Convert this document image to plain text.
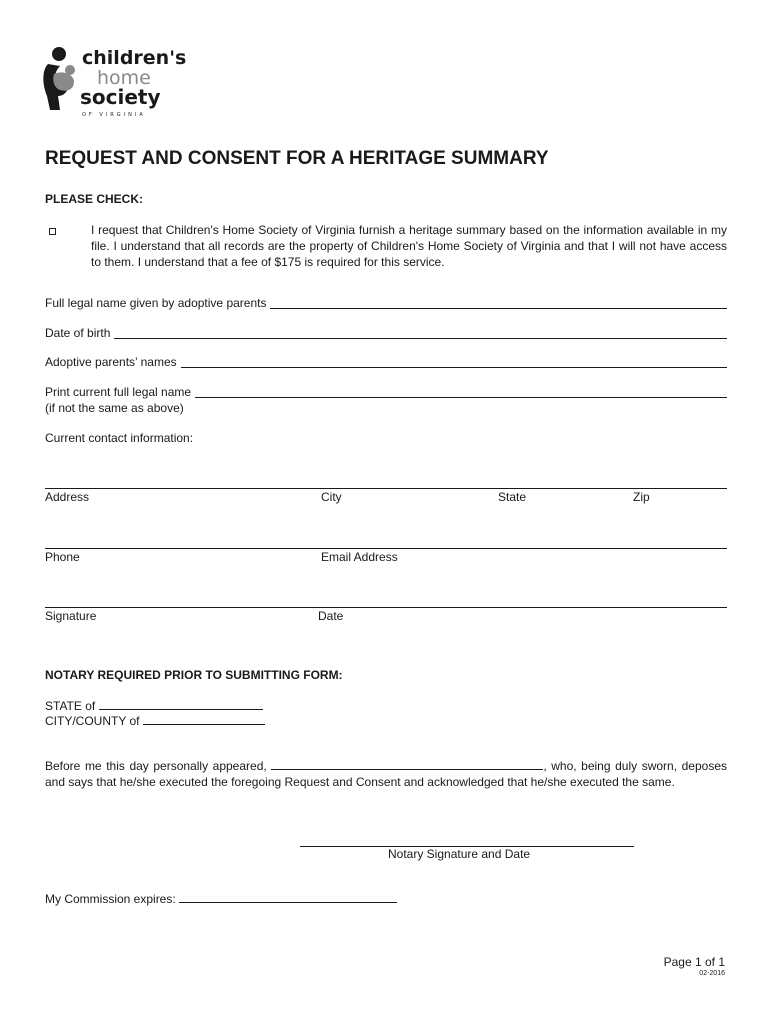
children's
home
society
OF VIRGINIA
REQUEST AND CONSENT FOR A HERITAGE SUMMARY
PLEASE CHECK:
I request that Children's Home Society of Virginia furnish a heritage summary based on the information available in my file. I understand that all records are the property of Children's Home Society of Virginia and that I will not have access to them. I understand that a fee of $175 is required for this service.
Full legal name given by adoptive parents
Date of birth
Adoptive parents’ names
Print current full legal name
(if not the same as above)
Current contact information:
Address	City	State	Zip
Phone	Email Address
Signature	Date
NOTARY REQUIRED PRIOR TO SUBMITTING FORM:
STATE of
CITY/COUNTY of
Before me this day personally appeared,	, who, being duly sworn, deposes and says that he/she executed the foregoing Request and Consent and acknowledged that he/she executed the same.
Notary Signature and Date
My Commission expires:
Page 1 of 1
02-2016
